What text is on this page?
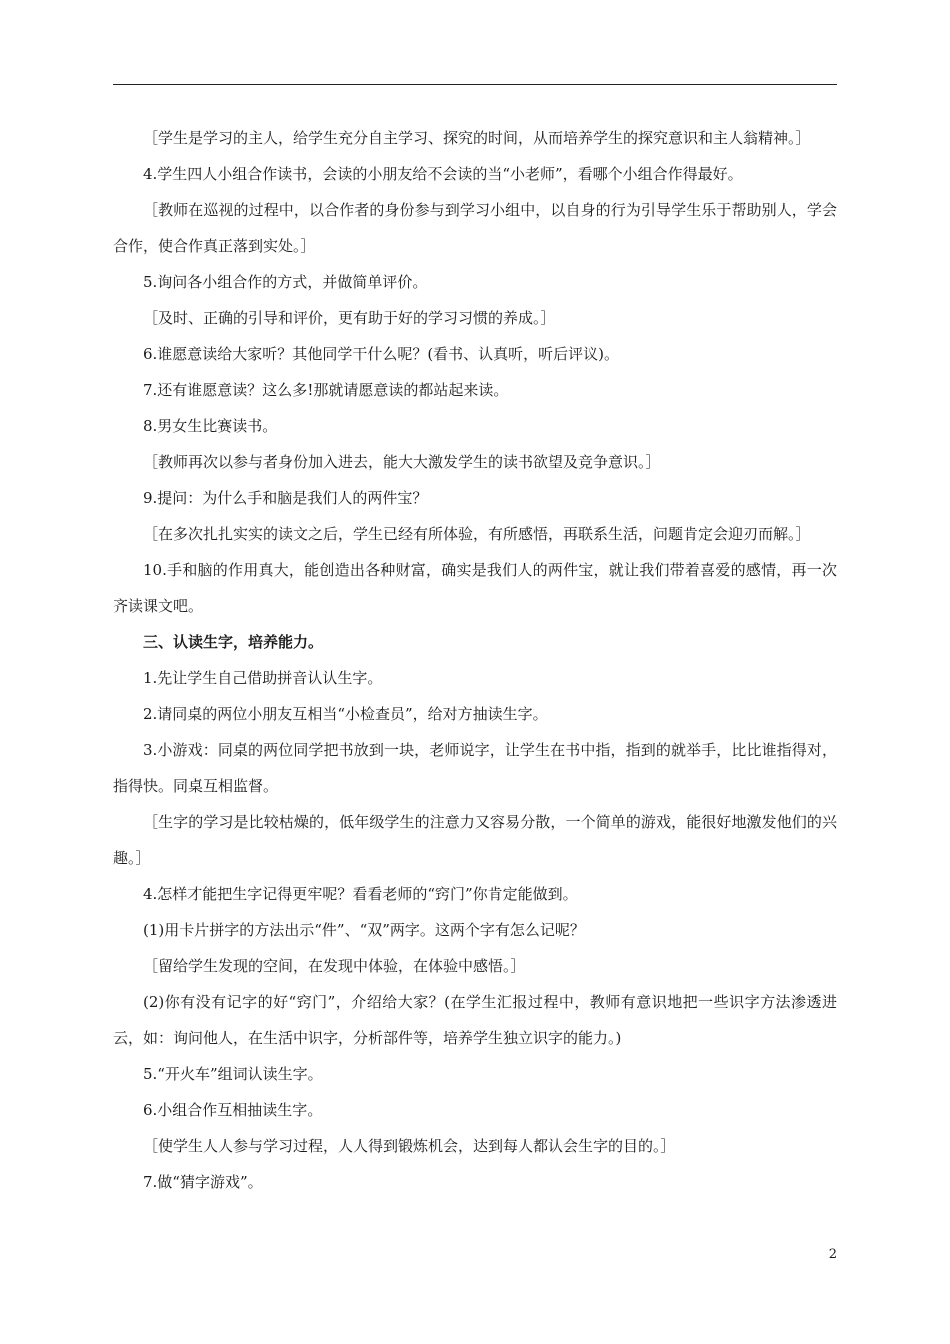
［学生是学习的主人，给学生充分自主学习、探究的时间，从而培养学生的探究意识和主人翁精神。］

4.学生四人小组合作读书，会读的小朋友给不会读的当“小老师”，看哪个小组合作得最好。

［教师在巡视的过程中，以合作者的身份参与到学习小组中，以自身的行为引导学生乐于帮助别人，学会合作，使合作真正落到实处。］

5.询问各小组合作的方式，并做简单评价。

［及时、正确的引导和评价，更有助于好的学习习惯的养成。］

6.谁愿意读给大家听？其他同学干什么呢？(看书、认真听，听后评议)。

7.还有谁愿意读？这么多!那就请愿意读的都站起来读。

8.男女生比赛读书。

［教师再次以参与者身份加入进去，能大大激发学生的读书欲望及竞争意识。］

9.提问：为什么手和脑是我们人的两件宝？

［在多次扎扎实实的读文之后，学生已经有所体验，有所感悟，再联系生活，问题肯定会迎刃而解。］

10.手和脑的作用真大，能创造出各种财富，确实是我们人的两件宝，就让我们带着喜爱的感情，再一次齐读课文吧。

三、认读生字，培养能力。

1.先让学生自己借助拼音认认生字。

2.请同桌的两位小朋友互相当“小检查员”，给对方抽读生字。

3.小游戏：同桌的两位同学把书放到一块，老师说字，让学生在书中指，指到的就举手，比比谁指得对，指得快。同桌互相监督。

［生字的学习是比较枯燥的，低年级学生的注意力又容易分散，一个简单的游戏，能很好地激发他们的兴趣。］

4.怎样才能把生字记得更牢呢？看看老师的“窍门”你肯定能做到。

(1)用卡片拼字的方法出示“件”、“双”两字。这两个字有怎么记呢？

［留给学生发现的空间，在发现中体验，在体验中感悟。］

(2)你有没有记字的好“窍门”，介绍给大家？(在学生汇报过程中，教师有意识地把一些识字方法渗透进云，如：询问他人，在生活中识字，分析部件等，培养学生独立识字的能力。)

5.“开火车”组词认读生字。

6.小组合作互相抽读生字。

［使学生人人参与学习过程，人人得到锻炼机会，达到每人都认会生字的目的。］

7.做“猜字游戏”。

2
